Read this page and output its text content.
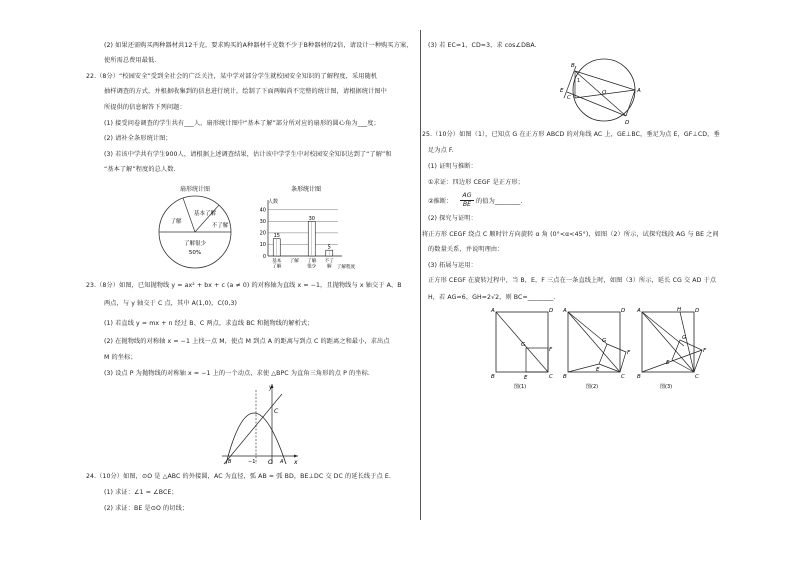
(2) 如果还需购买两种器材共12千克，要求购买的A种器材千克数不少于B种器材的2倍，请设计一种购买方案，
使所需总费用最低.
22.（8分）“校园安全”受到全社会的广泛关注，某中学对部分学生就校园安全知识的了解程度，采用随机
抽样调查的方式，并根据收集到的信息进行统计，绘制了下面两幅尚不完整的统计图，请根据统计图中
所提供的信息解答下列问题：
(1) 接受问卷调查的学生共有___人，扇形统计图中“基本了解”部分所对应的扇形的圆心角为___度；
(2) 请补全条形统计图；
(3) 若该中学共有学生900人，请根据上述调查结果，估计该中学学生中对校园安全知识达到了“了解”和
“基本了解”程度的总人数.
扇形统计图
基本了解
了解
不了解
了解很少
50%
条形统计图
人数
0
10
20
30
40
15
基本
了解
了解
30
了解
很少
5
不了
解 了解程度
23.（8分）如图，已知抛物线 y = ax² + bx + c (a ≠ 0) 的对称轴为直线 x = −1，且抛物线与 x 轴交于 A、B
两点，与 y 轴交于 C 点，其中 A(1,0)，C(0,3)
(1) 若直线 y = mx + n 经过 B、C 两点，求直线 BC 和抛物线的解析式；
(2) 在抛物线的对称轴 x = −1 上找一点 M，使点 M 到点 A 的距离与到点 C 的距离之和最小，求出点
M 的坐标；
(3) 设点 P 为抛物线的对称轴 x = −1 上的一个动点，求使 △BPC 为直角三角形的点 P 的坐标.
y
C
x
O
−1	A
B
24.（10分）如图，⊙O 是 △ABC 的外接圆，AC 为直径，弧 AB = 弧 BD，BE⊥DC 交 DC 的延长线于点 E.
(1) 求证：∠1 = ∠BCE；
(2) 求证：BE 是⊙O 的切线；
(3) 若 EC=1，CD=3，求 cos∠DBA.
B
E
C
O	A
D
1
25.（10分）如图（1），已知点 G 在正方形 ABCD 的对角线 AC 上，GE⊥BC，垂足为点 E，GF⊥CD，垂
足为点 F.
(1) 证明与推断：
①求证：四边形 CEGF 是正方形；
②推断：
AG
BE 的值为________.
(2) 探究与证明：
将正方形 CEGF 绕点 C 顺时针方向旋转 α 角 (0°<α<45°)，如图（2）所示，试探究线段 AG 与 BE 之间
的数量关系，并说明理由：
(3) 拓展与运用：
正方形 CEGF 在旋转过程中，当 B，E，F 三点在一条直线上时，如图（3）所示，延长 CG 交 AD 于点
H，若 AG=6，GH=2√2，则 BC=________.
A	D
B	C
E
F
G
图(1)
A	D
B	C
E
F
G
图(2)
A	D
H
B	C
E
F
G
图(3)
